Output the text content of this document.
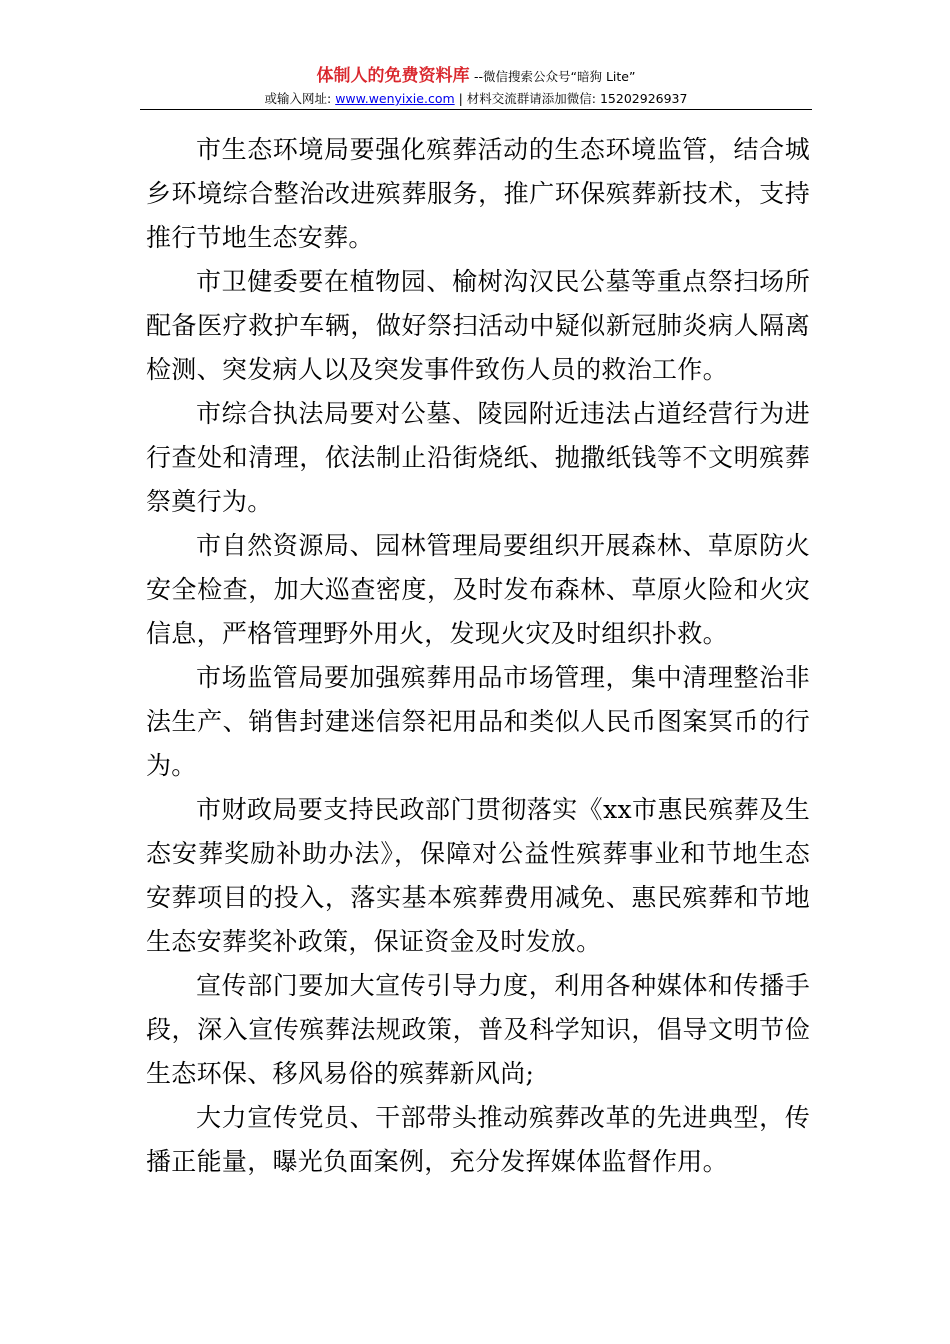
体制人的免费资料库 --微信搜索公众号“暗狗 Lite”
或输入网址: www.wenyixie.com | 材料交流群请添加微信: 15202926937

市生态环境局要强化殡葬活动的生态环境监管，结合城乡环境综合整治改进殡葬服务，推广环保殡葬新技术，支持推行节地生态安葬。

市卫健委要在植物园、榆树沟汉民公墓等重点祭扫场所配备医疗救护车辆，做好祭扫活动中疑似新冠肺炎病人隔离检测、突发病人以及突发事件致伤人员的救治工作。

市综合执法局要对公墓、陵园附近违法占道经营行为进行查处和清理，依法制止沿街烧纸、抛撒纸钱等不文明殡葬祭奠行为。

市自然资源局、园林管理局要组织开展森林、草原防火安全检查，加大巡查密度，及时发布森林、草原火险和火灾信息，严格管理野外用火，发现火灾及时组织扑救。

市场监管局要加强殡葬用品市场管理，集中清理整治非法生产、销售封建迷信祭祀用品和类似人民币图案冥币的行为。

市财政局要支持民政部门贯彻落实《xx市惠民殡葬及生态安葬奖励补助办法》，保障对公益性殡葬事业和节地生态安葬项目的投入，落实基本殡葬费用减免、惠民殡葬和节地生态安葬奖补政策，保证资金及时发放。

宣传部门要加大宣传引导力度，利用各种媒体和传播手段，深入宣传殡葬法规政策，普及科学知识，倡导文明节俭生态环保、移风易俗的殡葬新风尚;

大力宣传党员、干部带头推动殡葬改革的先进典型，传播正能量，曝光负面案例，充分发挥媒体监督作用。
